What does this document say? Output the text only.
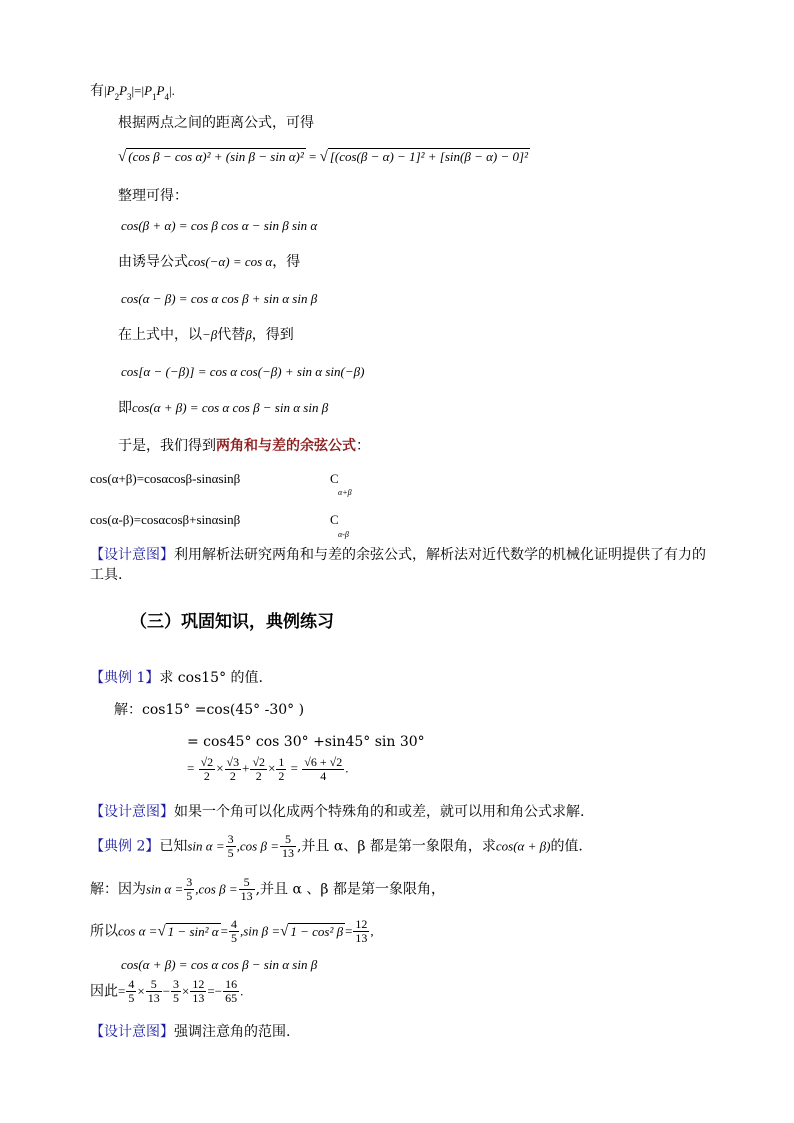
有$|P_2P_3|=|P_1P_4|$.
根据两点之间的距离公式，可得
√ (cos β − cos α)² + (sin β − sin α)² = √ [(cos(β − α) − 1]² + [sin(β − α) − 0]²
整理可得：
cos(β + α) = cos β cos α − sin β sin α
由诱导公式cos(−α) = cos α，得
cos(α − β) = cos α cos β + sin α sin β
在上式中，以−β代替β，得到
cos[α − (−β)] = cos α cos(−β) + sin α sin(−β)
即cos(α + β) = cos α cos β − sin α sin β
于是，我们得到两角和与差的余弦公式：
cos(α+β)=cosαcosβ-sinαsinβ	C
α+β
cos(α-β)=cosαcosβ+sinαsinβ	C
α-β
【设计意图】利用解析法研究两角和与差的余弦公式，解析法对近代数学的机械化证明提供了有力的
工具.
（三）巩固知识，典例练习
【典例 1】求 cos15° 的值.
解：cos15° =cos(45° -30° )
= cos45° cos 30° +sin45° sin 30°
= $\frac{√2}{2} \times \frac{√3}{2} + \frac{√2}{2} \times \frac{1}{2} = \frac{√6 + √2}{4}$ .
【设计意图】如果一个角可以化成两个特殊角的和或差，就可以用和角公式求解.
【典例 2】已知$\sin \alpha = \frac{3}{5} ,\cos$ $\beta = \frac{5}{13}$ ,并且 α、β 都是第一象限角，求cos(α + β)的值.
解：因为$\sin \alpha = \frac{3}{5} ,\cos$ $\beta = \frac{5}{13}$ ,并且 α 、β 都是第一象限角，
所以cos α =√ 1 − sin² $\alpha = \frac{4}{5} ,\sin$ β =√ 1 − cos² $\beta = \frac{12}{13}$ ,
cos(α + β) = cos α cos β − sin α sin β
因此= $\frac{4}{5} \times \frac{5}{13} - \frac{3}{5} \times \frac{12}{13} =- \frac{16}{65}$ .
【设计意图】强调注意角的范围.
